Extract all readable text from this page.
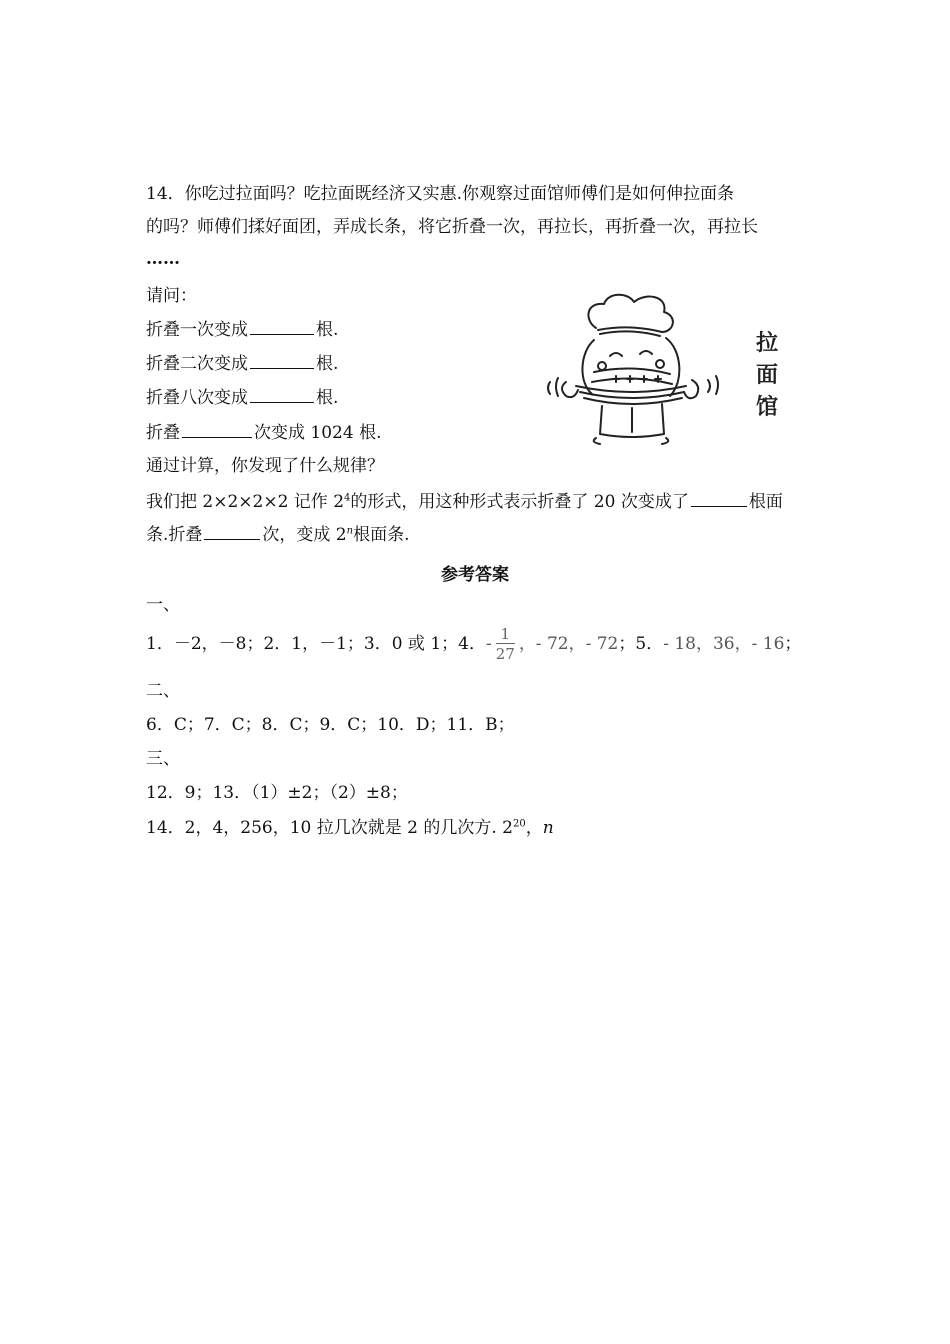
14．你吃过拉面吗？吃拉面既经济又实惠.你观察过面馆师傅们是如何伸拉面条
的吗？师傅们揉好面团，弄成长条，将它折叠一次，再拉长，再折叠一次，再拉长
……
请问：
折叠一次变成	根.
折叠二次变成	根.
折叠八次变成	根.
折叠	次变成 1024 根.
通过计算，你发现了什么规律？
我们把 2×2×2×2 记作 $2^4$的形式，用这种形式表示折叠了 20 次变成了	根面
条.折叠	次，变成 2$^n$根面条.
拉
面
馆
参考答案
一、
1．－2，－8；2．1，－1；3．0 或 1；4．- $\frac{1}{27}$ ，- 72，- 72；5．- 18，36，- 16；
二、
6．C；7．C；8．C；9．C；10．D；11．B；
三、
12．9；13．（1）±2；（2）±8；
14．2，4，256，10 拉几次就是 2 的几次方. $2^{20}$，n
